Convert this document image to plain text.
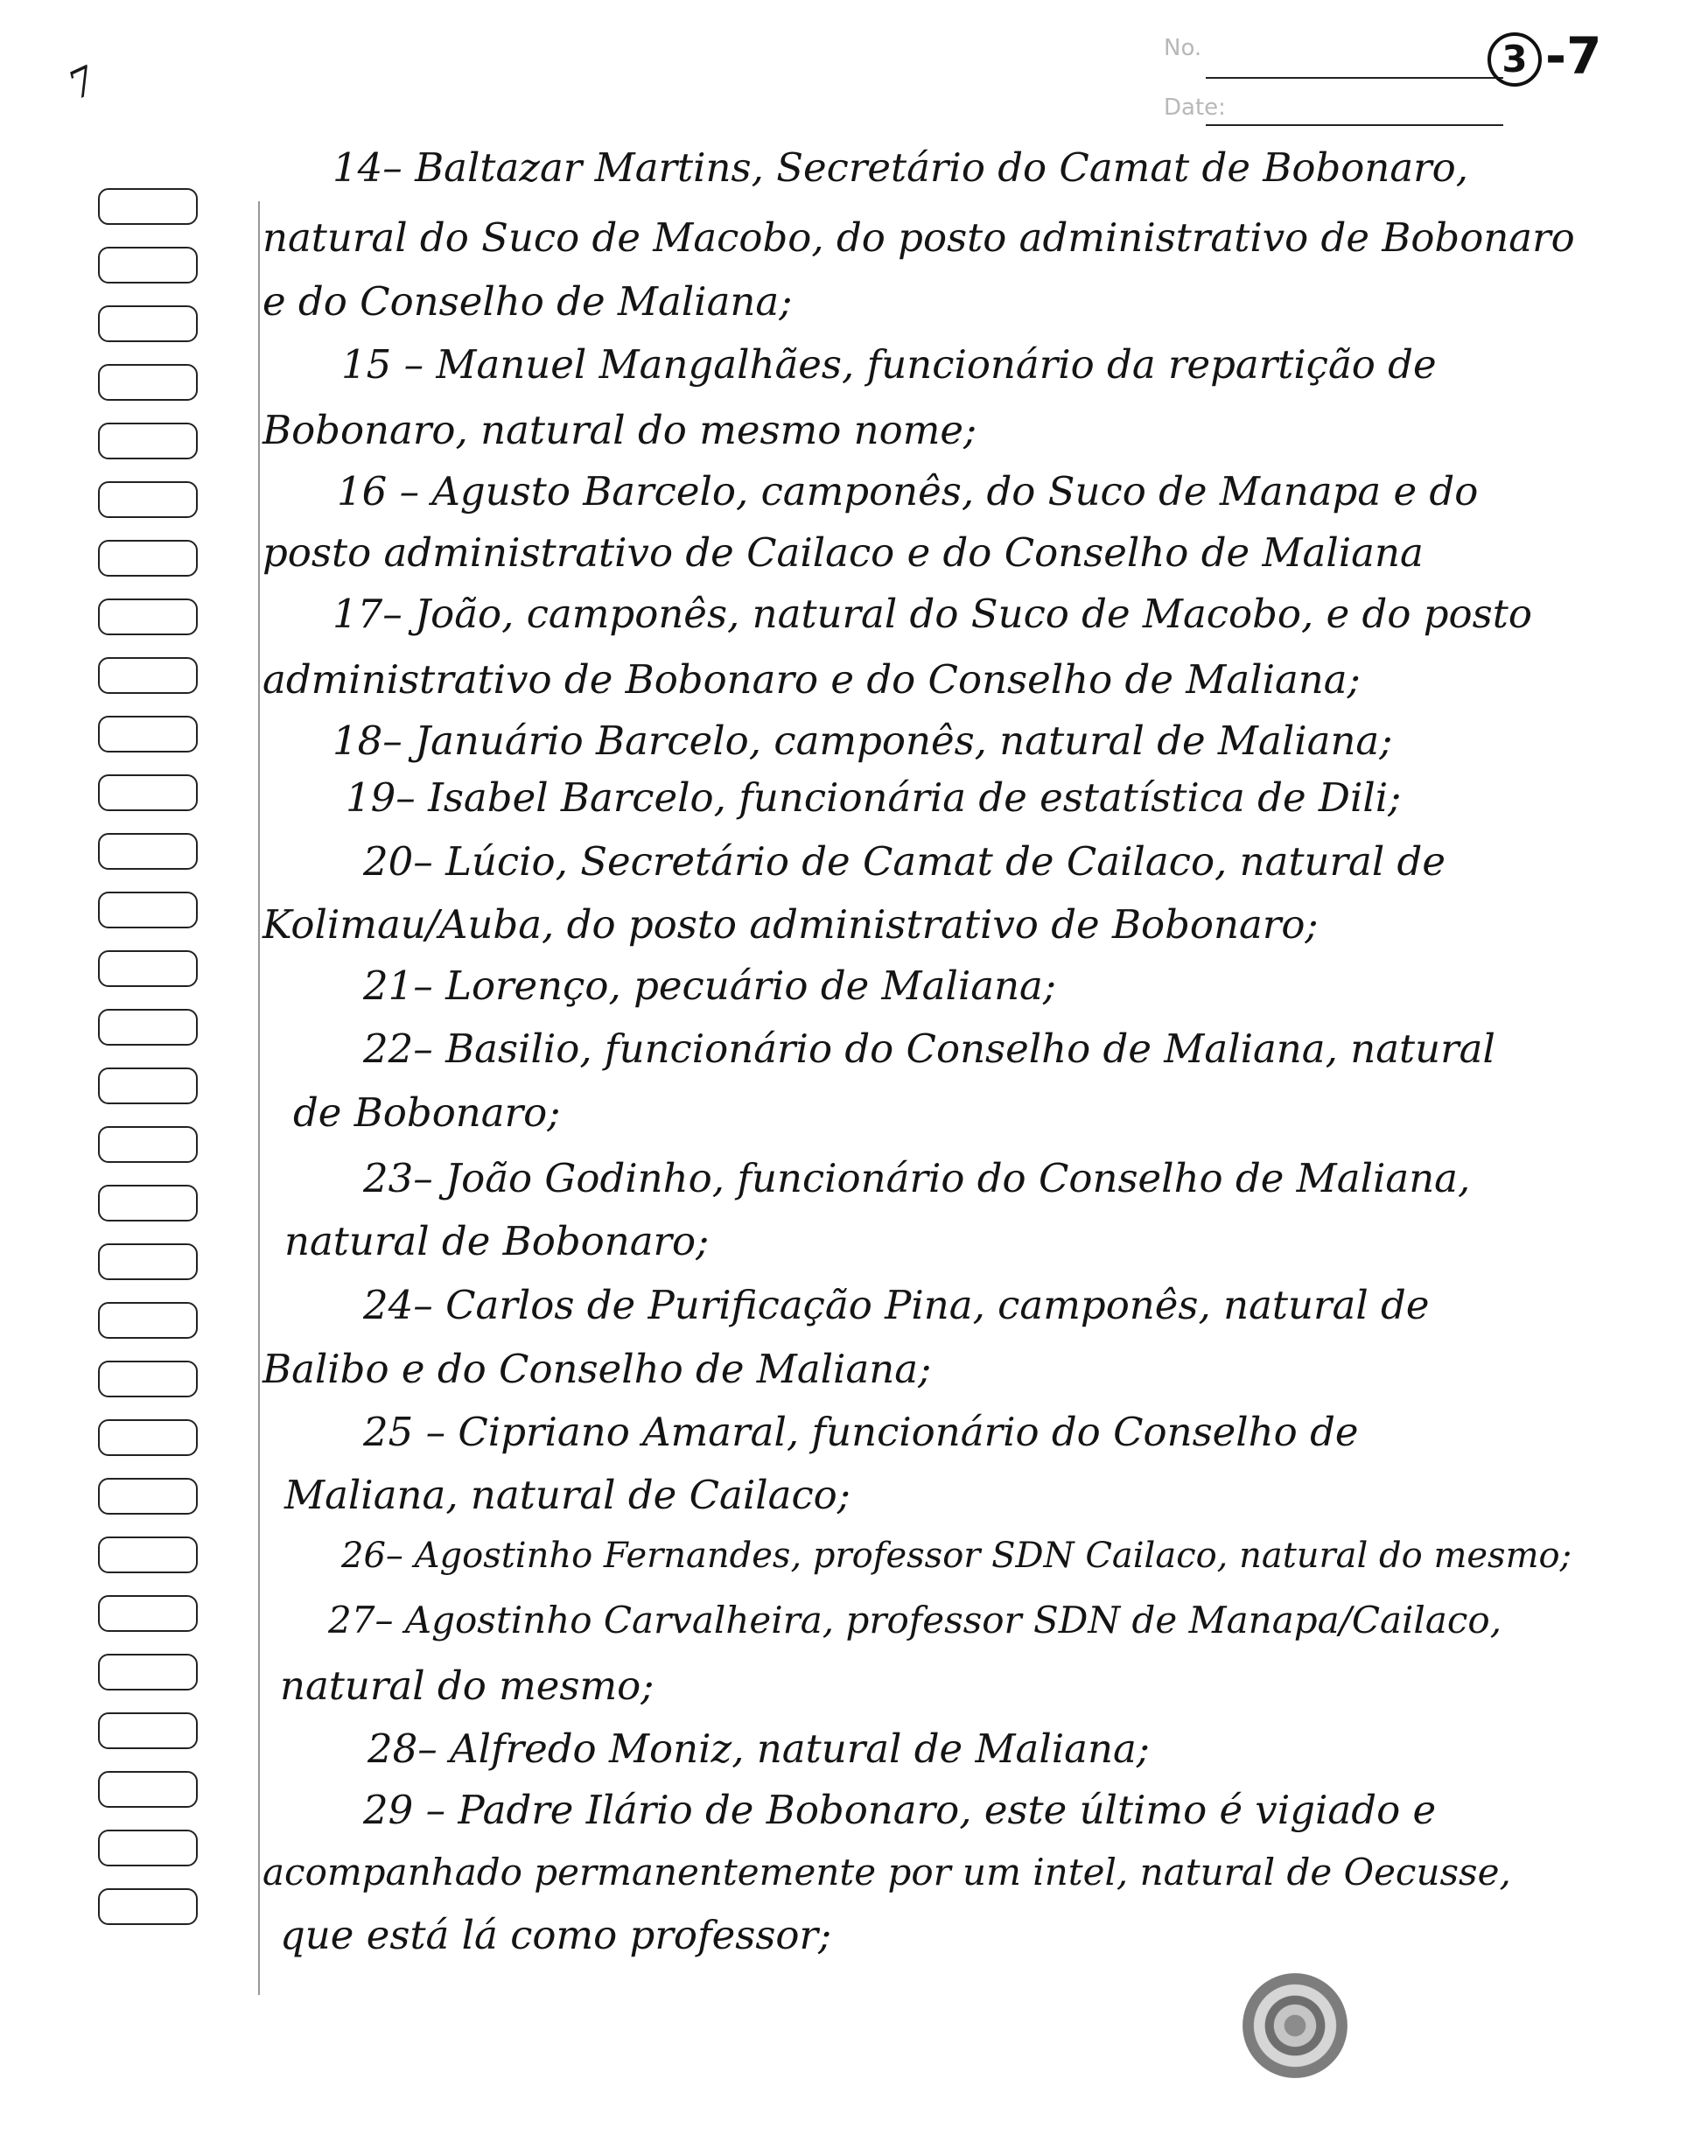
7
No.
Date:
3 -7
14– Baltazar Martins, Secretário do Camat de Bobonaro,
natural do Suco de Macobo, do posto administrativo de Bobonaro
e do Conselho de Maliana;
15 – Manuel Mangalhães, funcionário da repartição de
Bobonaro, natural do mesmo nome;
16 – Agusto Barcelo, camponês, do Suco de Manapa e do
posto administrativo de Cailaco e do Conselho de Maliana
17– João, camponês, natural do Suco de Macobo, e do posto
administrativo de Bobonaro e do Conselho de Maliana;
18– Januário Barcelo, camponês, natural de Maliana;
19– Isabel Barcelo, funcionária de estatística de Dili;
20– Lúcio, Secretário de Camat de Cailaco, natural de
Kolimau/Auba, do posto administrativo de Bobonaro;
21– Lorenço, pecuário de Maliana;
22– Basilio, funcionário do Conselho de Maliana, natural
de Bobonaro;
23– João Godinho, funcionário do Conselho de Maliana,
natural de Bobonaro;
24– Carlos de Purificação Pina, camponês, natural de
Balibo e do Conselho de Maliana;
25 – Cipriano Amaral, funcionário do Conselho de
Maliana, natural de Cailaco;
26– Agostinho Fernandes, professor SDN Cailaco, natural do mesmo;
27– Agostinho Carvalheira, professor SDN de Manapa/Cailaco,
natural do mesmo;
28– Alfredo Moniz, natural de Maliana;
29 – Padre Ilário de Bobonaro, este último é vigiado e
acompanhado permanentemente por um intel, natural de Oecusse,
que está lá como professor;
